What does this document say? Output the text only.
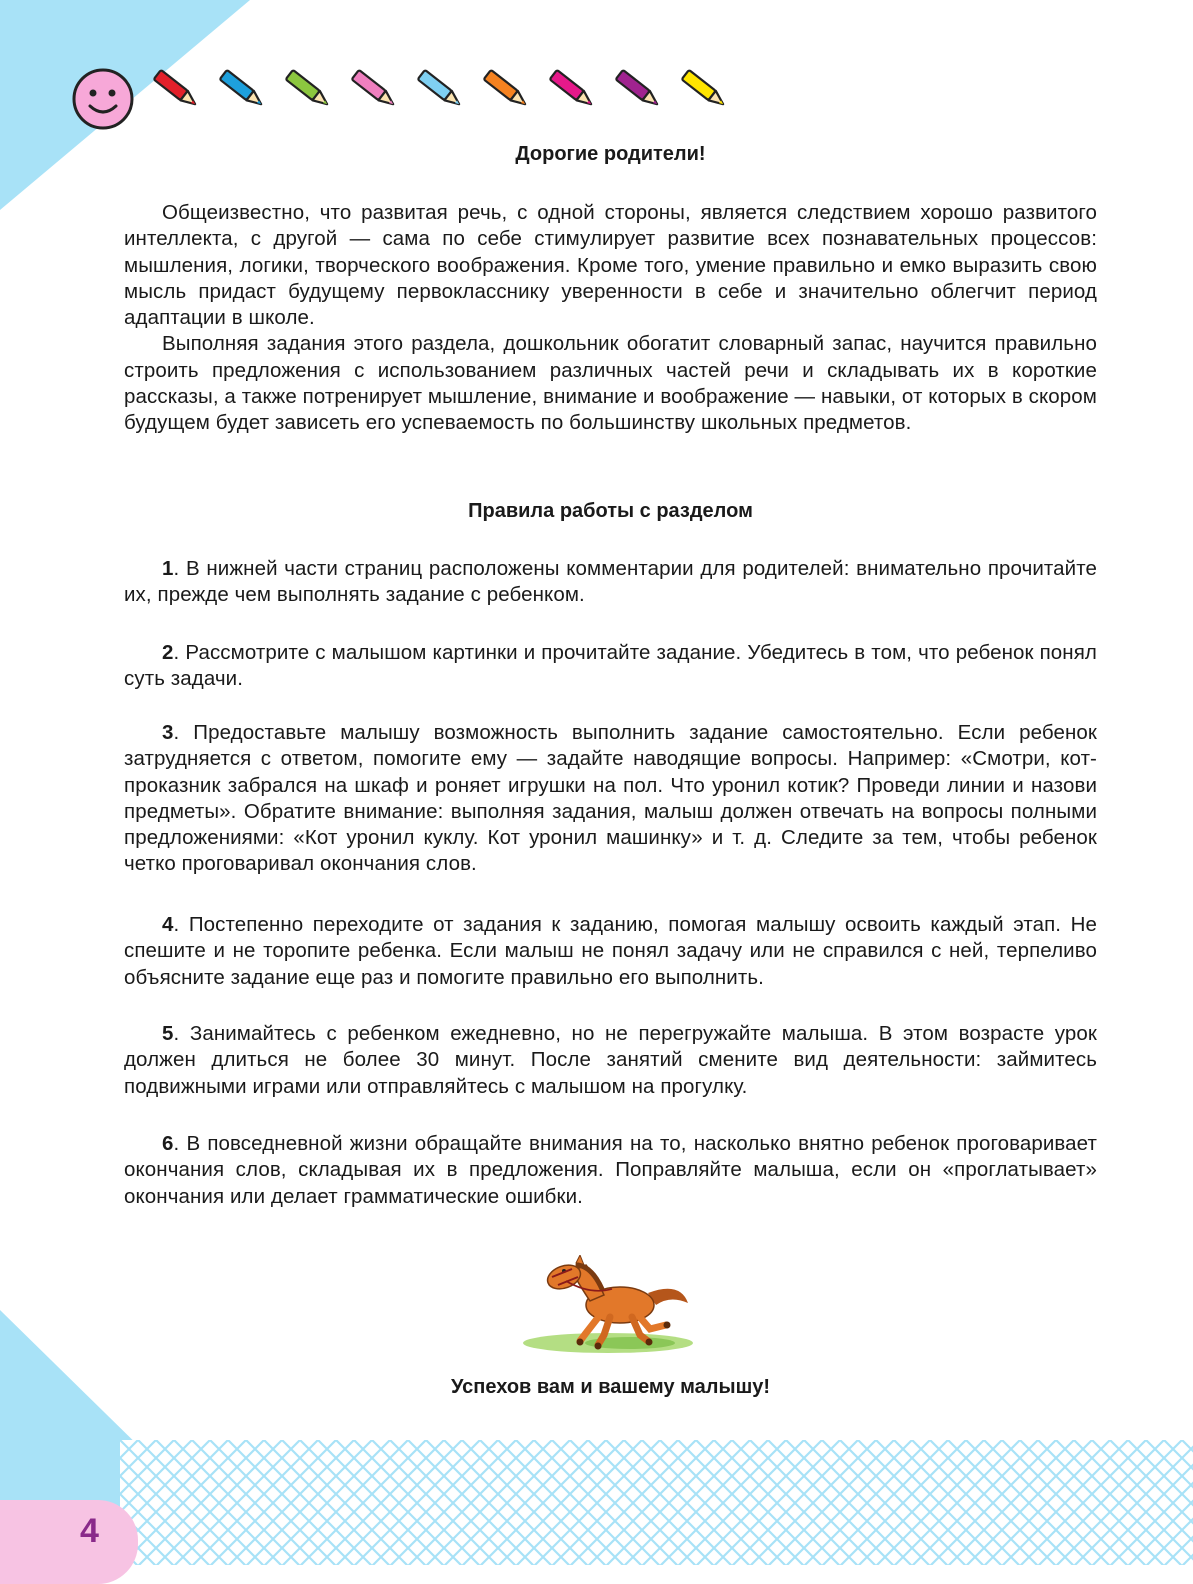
Дорогие родители!

Общеизвестно, что развитая речь, с одной стороны, является следствием хорошо развитого интеллекта, с другой — сама по себе стимулирует развитие всех познавательных процессов: мышления, логики, творческого воображения. Кроме того, умение правильно и емко выразить свою мысль придаст будущему первокласснику уверенности в себе и значительно облегчит период адаптации в школе.

Выполняя задания этого раздела, дошкольник обогатит словарный запас, научится правильно строить предложения с использованием различных частей речи и складывать их в короткие рассказы, а также потренирует мышление, внимание и воображение — навыки, от которых в скором будущем будет зависеть его успеваемость по большинству школьных предметов.

Правила работы с разделом

1. В нижней части страниц расположены комментарии для родителей: внимательно прочитайте их, прежде чем выполнять задание с ребенком.

2. Рассмотрите с малышом картинки и прочитайте задание. Убедитесь в том, что ребенок понял суть задачи.

3. Предоставьте малышу возможность выполнить задание самостоятельно. Если ребенок затрудняется с ответом, помогите ему — задайте наводящие вопросы. Например: «Смотри, кот-проказник забрался на шкаф и роняет игрушки на пол. Что уронил котик? Проведи линии и назови предметы». Обратите внимание: выполняя задания, малыш должен отвечать на вопросы полными предложениями: «Кот уронил куклу. Кот уронил машинку» и т. д. Следите за тем, чтобы ребенок четко проговаривал окончания слов.

4. Постепенно переходите от задания к заданию, помогая малышу освоить каждый этап. Не спешите и не торопите ребенка. Если малыш не понял задачу или не справился с ней, терпеливо объясните задание еще раз и помогите правильно его выполнить.

5. Занимайтесь с ребенком ежедневно, но не перегружайте малыша. В этом возрасте урок должен длиться не более 30 минут. После занятий смените вид деятельности: займитесь подвижными играми или отправляйтесь с малышом на прогулку.

6. В повседневной жизни обращайте внимания на то, насколько внятно ребенок проговаривает окончания слов, складывая их в предложения. Поправляйте малыша, если он «проглатывает» окончания или делает грамматические ошибки.

Успехов вам и вашему малышу!
4
